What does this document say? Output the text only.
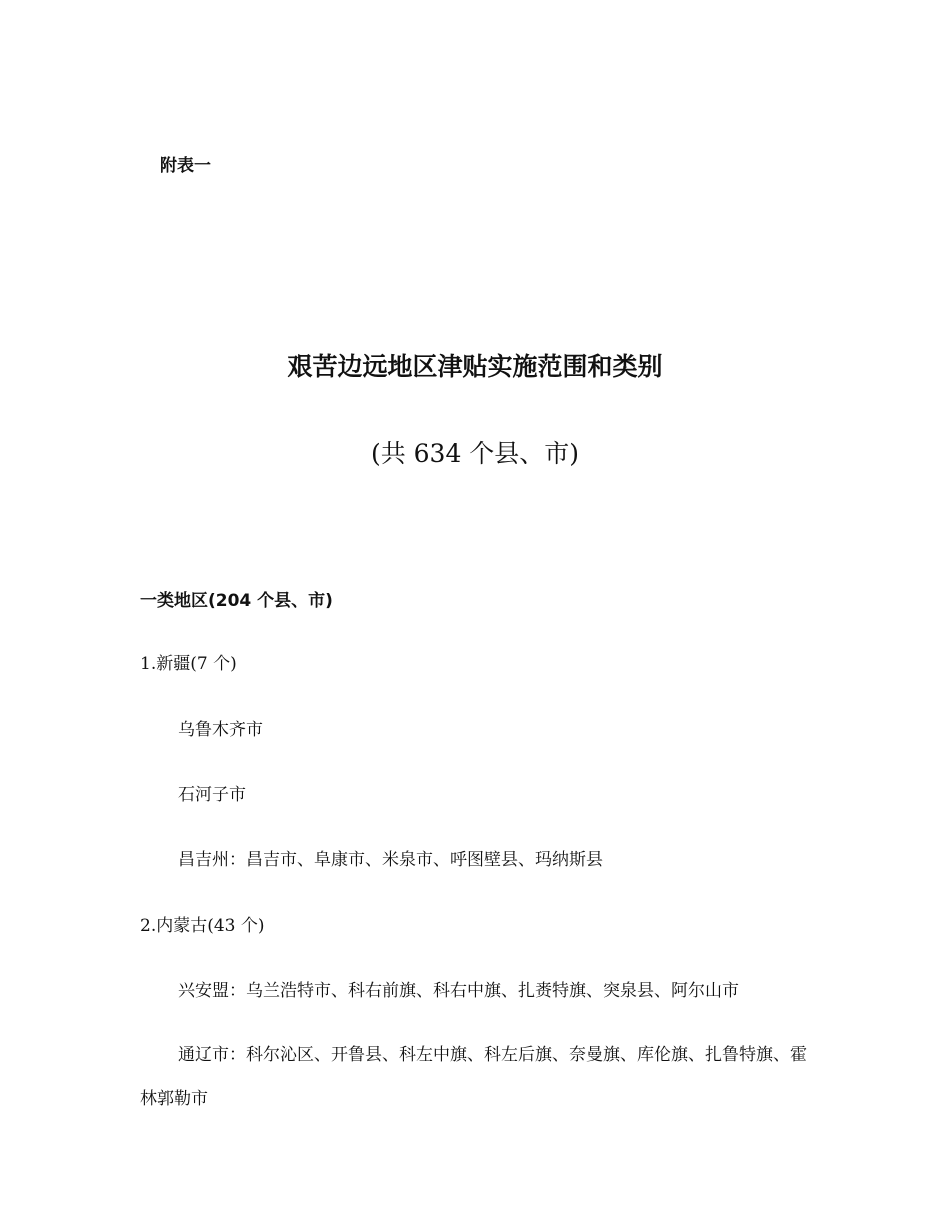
附表一
艰苦边远地区津贴实施范围和类别
(共 634 个县、市)
一类地区(204 个县、市)
1.新疆(7 个)
乌鲁木齐市
石河子市
昌吉州：昌吉市、阜康市、米泉市、呼图壁县、玛纳斯县
2.内蒙古(43 个)
兴安盟：乌兰浩特市、科右前旗、科右中旗、扎赉特旗、突泉县、阿尔山市
通辽市：科尔沁区、开鲁县、科左中旗、科左后旗、奈曼旗、库伦旗、扎鲁特旗、霍林郭勒市
